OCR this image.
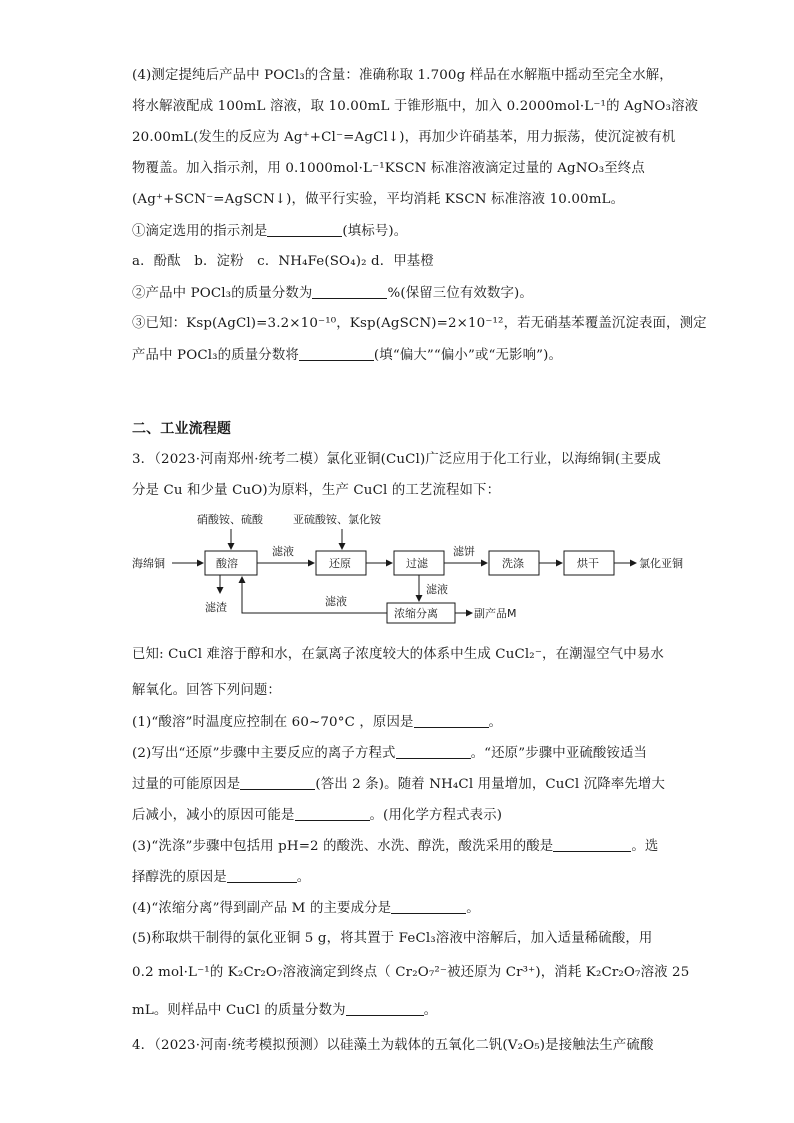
(4)测定提纯后产品中 POCl₃的含量：准确称取 1.700g 样品在水解瓶中摇动至完全水解，
将水解液配成 100mL 溶液，取 10.00mL 于锥形瓶中，加入 0.2000mol·L⁻¹的 AgNO₃溶液
20.00mL(发生的反应为 Ag⁺+Cl⁻=AgCl↓)，再加少许硝基苯，用力振荡，使沉淀被有机
物覆盖。加入指示剂，用 0.1000mol·L⁻¹KSCN 标准溶液滴定过量的 AgNO₃至终点
(Ag⁺+SCN⁻=AgSCN↓)，做平行实验，平均消耗 KSCN 标准溶液 10.00mL。
①滴定选用的指示剂是	(填标号)。
a．酚酞　b．淀粉　c．NH₄Fe(SO₄)₂ d．甲基橙
②产品中 POCl₃的质量分数为	%(保留三位有效数字)。
③已知：Ksp(AgCl)=3.2×10⁻¹⁰，Ksp(AgSCN)=2×10⁻¹²，若无硝基苯覆盖沉淀表面，测定
产品中 POCl₃的质量分数将	(填“偏大”“偏小”或“无影响”)。
二、工业流程题
3．（2023·河南郑州·统考二模）氯化亚铜(CuCl)广泛应用于化工行业，以海绵铜(主要成
分是 Cu 和少量 CuO)为原料，生产 CuCl 的工艺流程如下：
硝酸铵、硫酸	亚硫酸铵、氯化铵
海绵铜	酸溶
滤液
还原	过滤
滤饼
洗涤	烘干	氯化亚铜
滤渣
滤液
浓缩分离	副产品M
滤液
已知: CuCl 难溶于醇和水，在氯离子浓度较大的体系中生成 CuCl₂⁻，在潮湿空气中易水
解氧化。回答下列问题：
(1)“酸溶”时温度应控制在 60~70°C ，原因是	。
(2)写出“还原”步骤中主要反应的离子方程式	。“还原”步骤中亚硫酸铵适当
过量的可能原因是	(答出 2 条)。随着 NH₄Cl 用量增加，CuCl 沉降率先增大
后减小，减小的原因可能是	。(用化学方程式表示)
(3)“洗涤”步骤中包括用 pH=2 的酸洗、水洗、醇洗，酸洗采用的酸是	。选
择醇洗的原因是	。
(4)“浓缩分离”得到副产品 M 的主要成分是	。
(5)称取烘干制得的氯化亚铜 5 g，将其置于 FeCl₃溶液中溶解后，加入适量稀硫酸，用
0.2 mol·L⁻¹的 K₂Cr₂O₇溶液滴定到终点（ Cr₂O₇²⁻被还原为 Cr³⁺)，消耗 K₂Cr₂O₇溶液 25
mL。则样品中 CuCl 的质量分数为	。
4．（2023·河南·统考模拟预测）以硅藻土为载体的五氧化二钒(V₂O₅)是接触法生产硫酸
